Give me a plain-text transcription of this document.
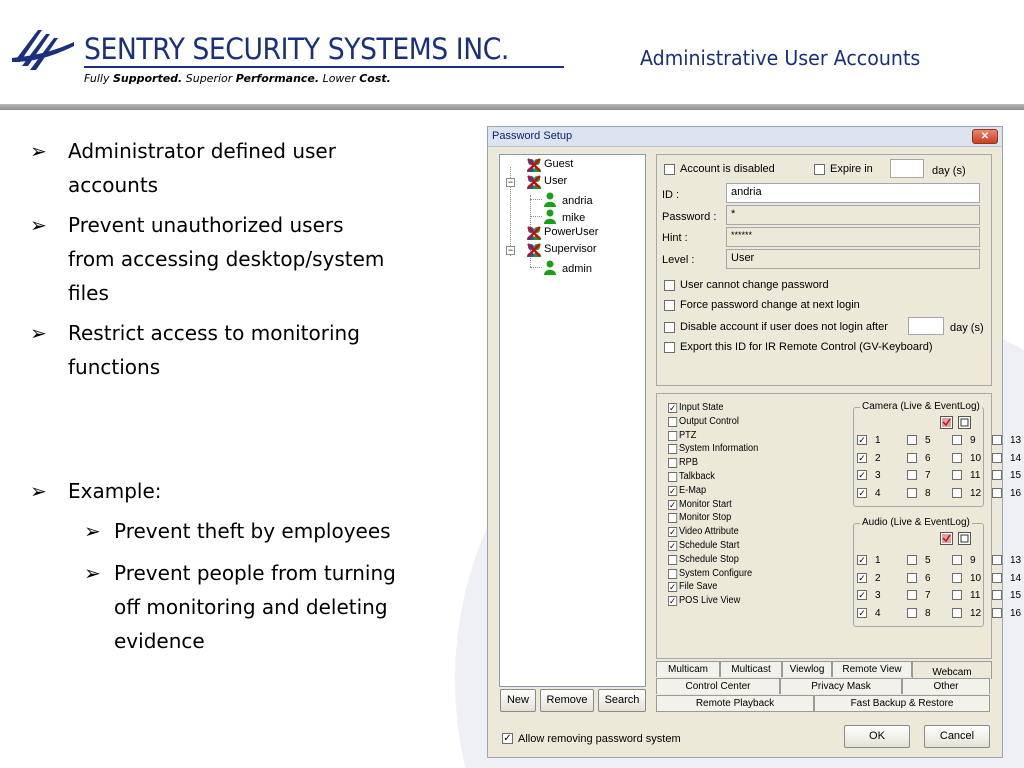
SENTRY SECURITY SYSTEMS INC.
Fully Supported. Superior Performance. Lower Cost.
Administrative User Accounts
➢ Administrator defined user
accounts
➢ Prevent unauthorized users
from accessing desktop/system
files
➢ Restrict access to monitoring
functions
➢ Example:
➢ Prevent theft by employees
➢ Prevent people from turning
off monitoring and deleting
evidence
Password Setup	✕
Guest
−	User
andria
mike
PowerUser
−	Supervisor
admin
Account is disabled	Expire in	day (s)
ID :	andria
Password :	*
Hint :	******
Level :	User
User cannot change password
Force password change at next login
Disable account if user does not login after	day (s)
Export this ID for IR Remote Control (GV-Keyboard)
✓ Input State
Output Control
PTZ
System Information
RPB
Talkback
✓ E-Map
✓ Monitor Start
Monitor Stop
✓ Video Attribute
✓ Schedule Start
Schedule Stop
System Configure
✓ File Save
✓ POS Live View
Camera (Live & EventLog)
✓ 1	5	9	13
✓ 2	6	10	14
✓ 3	7	11	15
✓ 4	8	12	16
Audio (Live & EventLog)
✓ 1	5	9	13
✓ 2	6	10	14
✓ 3	7	11	15
✓ 4	8	12	16
Multicam	Multicast	Viewlog	Remote View	Webcam
Control Center	Privacy Mask	Other
Remote Playback	Fast Backup & Restore
New	Remove	Search
✓ Allow removing password system	OK	Cancel
